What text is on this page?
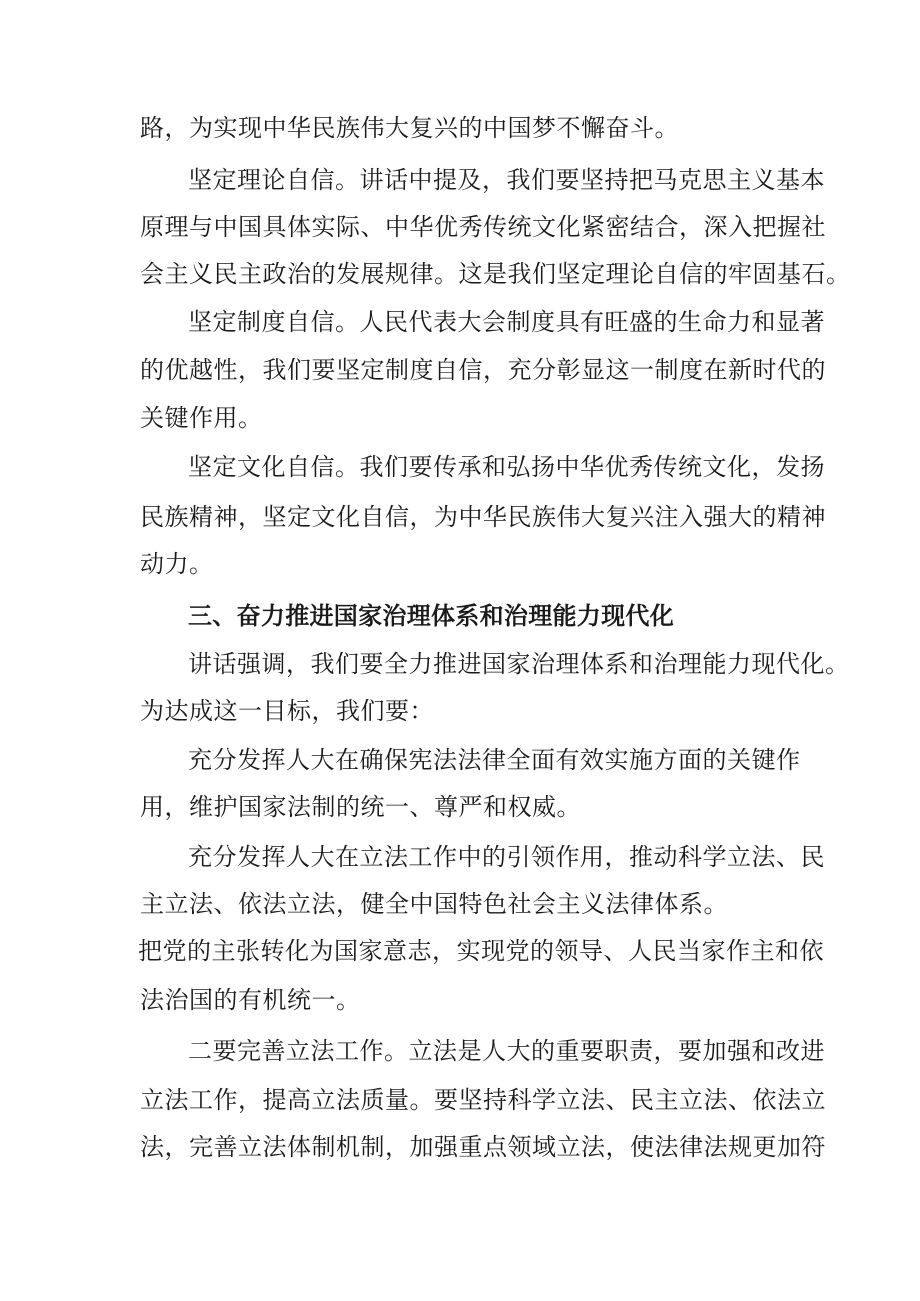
路，为实现中华民族伟大复兴的中国梦不懈奋斗。
坚定理论自信。讲话中提及，我们要坚持把马克思主义基本
原理与中国具体实际、中华优秀传统文化紧密结合，深入把握社
会主义民主政治的发展规律。这是我们坚定理论自信的牢固基石。
坚定制度自信。人民代表大会制度具有旺盛的生命力和显著
的优越性，我们要坚定制度自信，充分彰显这一制度在新时代的
关键作用。
坚定文化自信。我们要传承和弘扬中华优秀传统文化，发扬
民族精神，坚定文化自信，为中华民族伟大复兴注入强大的精神
动力。
三、奋力推进国家治理体系和治理能力现代化
讲话强调，我们要全力推进国家治理体系和治理能力现代化。
为达成这一目标，我们要：
充分发挥人大在确保宪法法律全面有效实施方面的关键作
用，维护国家法制的统一、尊严和权威。
充分发挥人大在立法工作中的引领作用，推动科学立法、民
主立法、依法立法，健全中国特色社会主义法律体系。
把党的主张转化为国家意志，实现党的领导、人民当家作主和依
法治国的有机统一。
二要完善立法工作。立法是人大的重要职责，要加强和改进
立法工作，提高立法质量。要坚持科学立法、民主立法、依法立
法，完善立法体制机制，加强重点领域立法，使法律法规更加符
